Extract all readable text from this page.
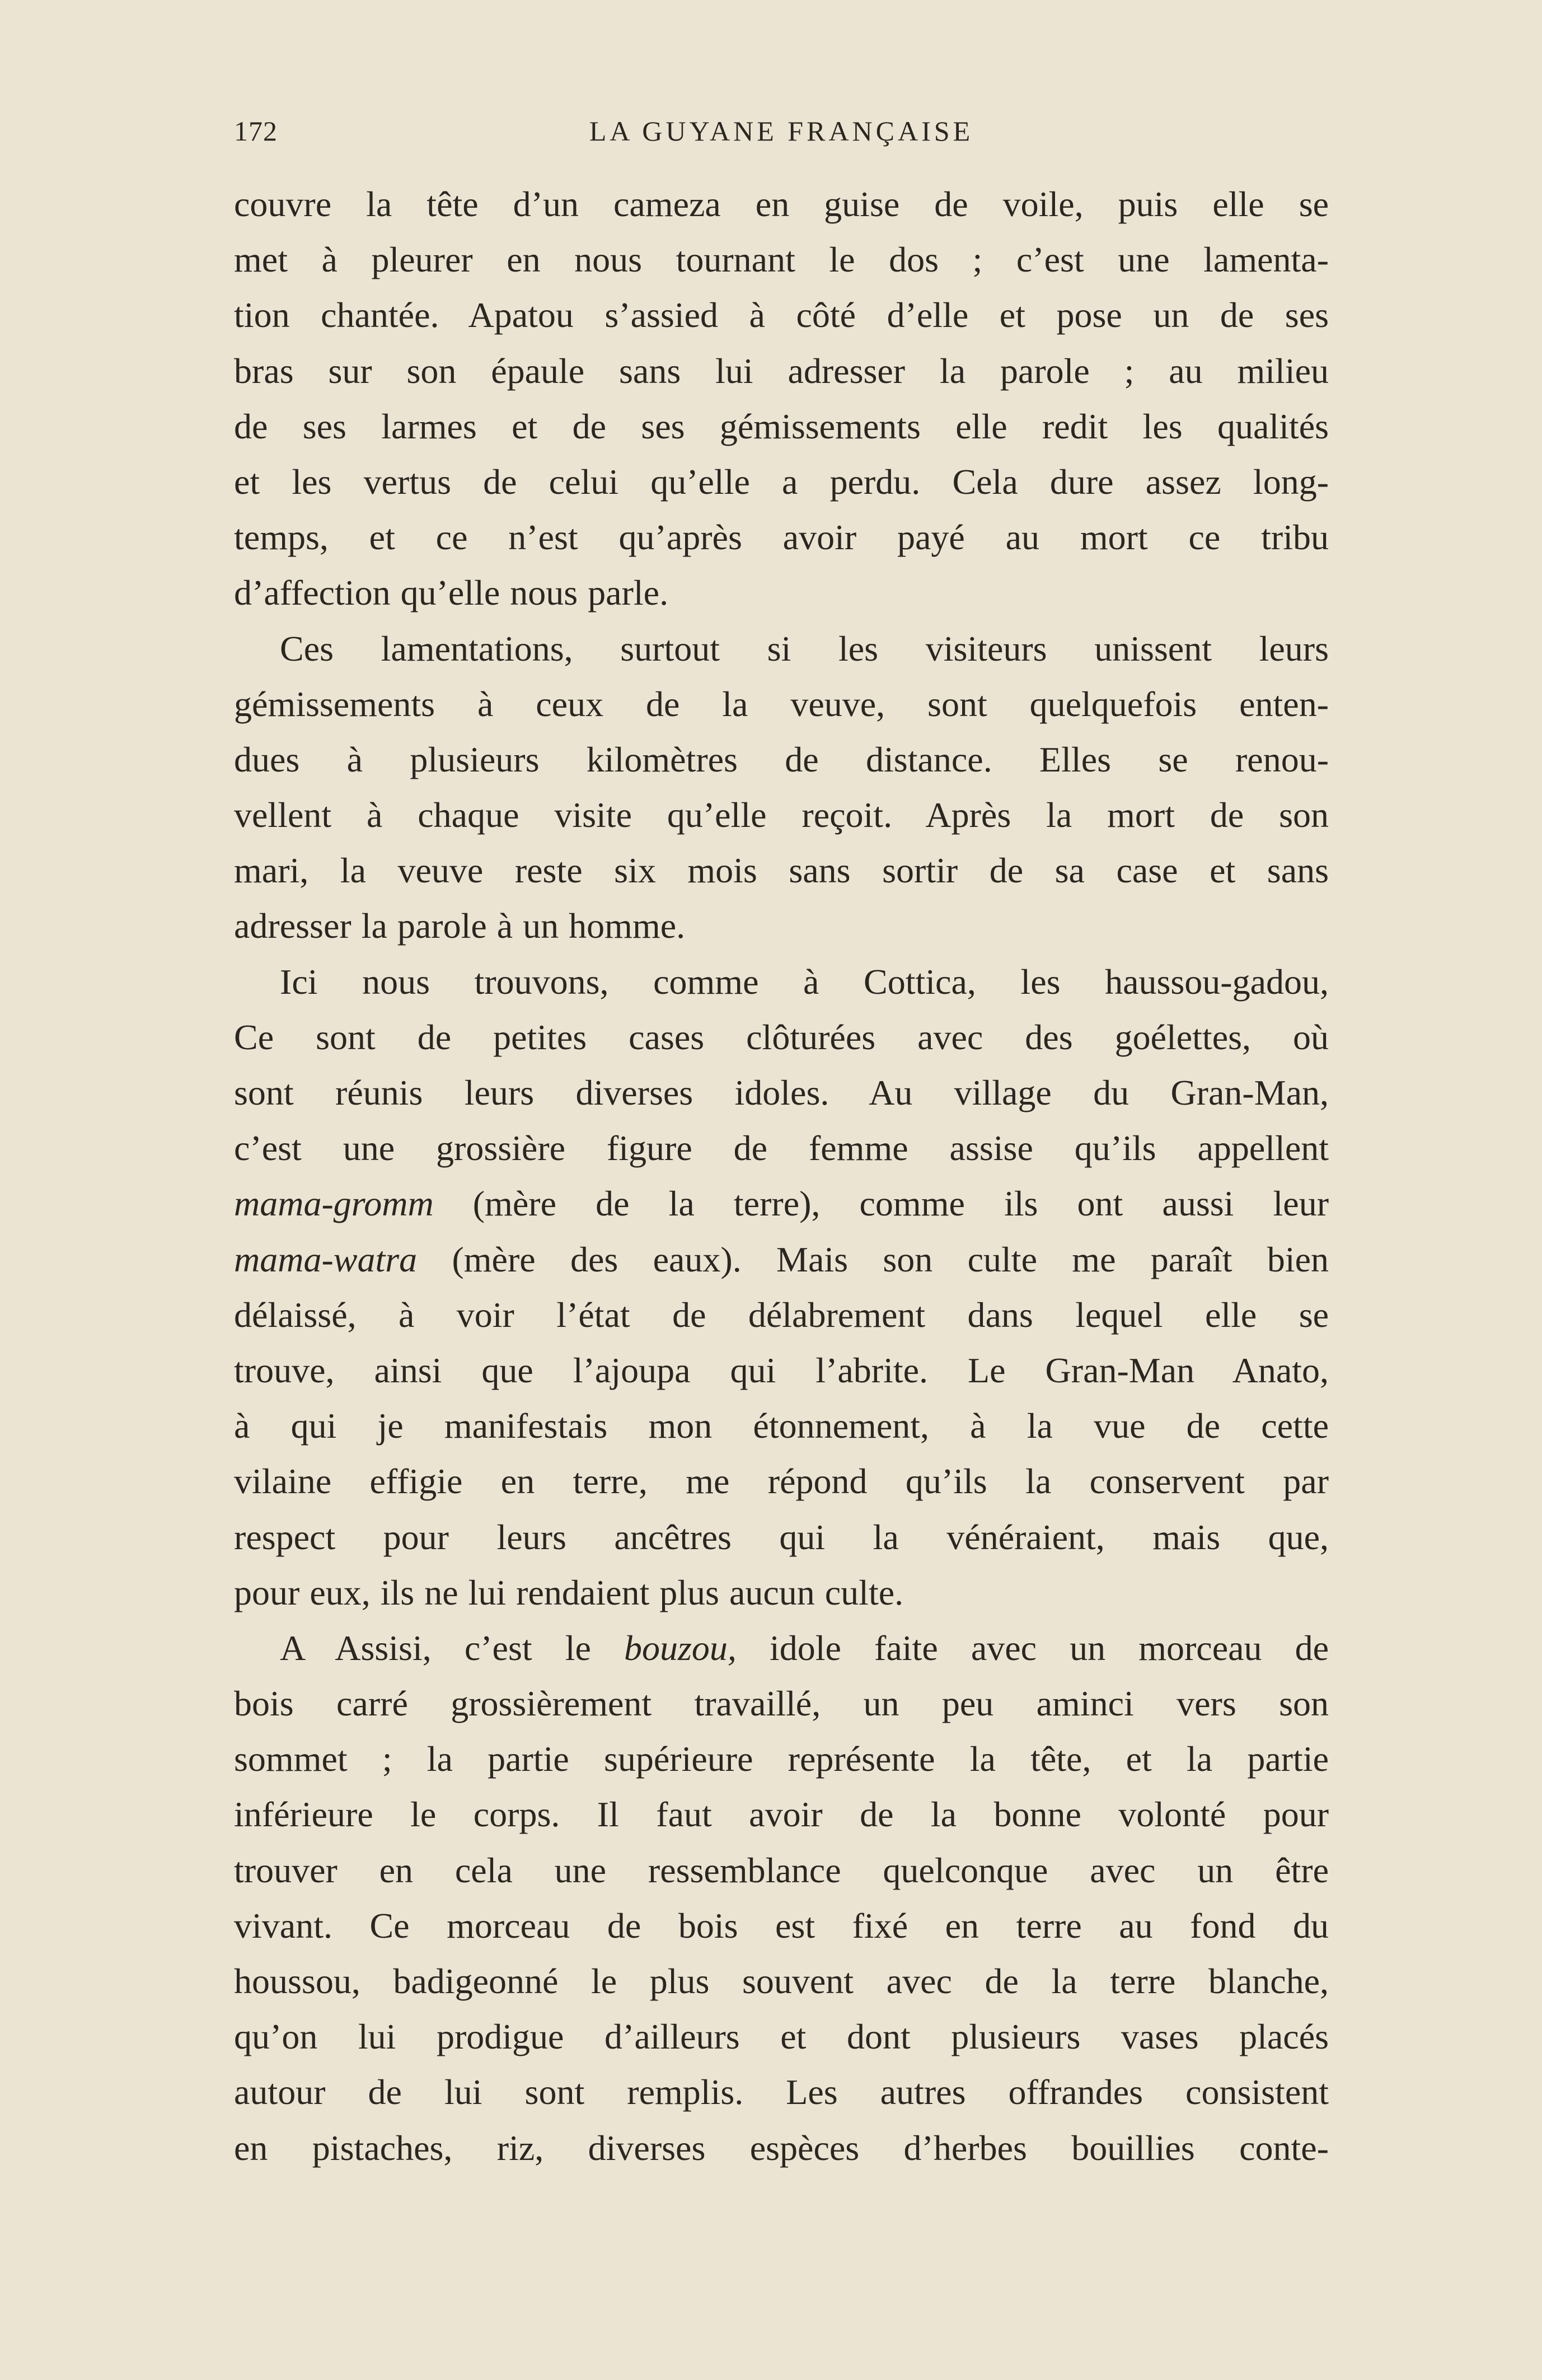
172	LA GUYANE FRANÇAISE
couvre la tête d’un cameza en guise de voile, puis elle se
met à pleurer en nous tournant le dos ; c’est une lamenta-
tion chantée. Apatou s’assied à côté d’elle et pose un de ses
bras sur son épaule sans lui adresser la parole ; au milieu
de ses larmes et de ses gémissements elle redit les qualités
et les vertus de celui qu’elle a perdu. Cela dure assez long-
temps, et ce n’est qu’après avoir payé au mort ce tribu
d’affection qu’elle nous parle.
Ces lamentations, surtout si les visiteurs unissent leurs
gémissements à ceux de la veuve, sont quelquefois enten-
dues à plusieurs kilomètres de distance. Elles se renou-
vellent à chaque visite qu’elle reçoit. Après la mort de son
mari, la veuve reste six mois sans sortir de sa case et sans
adresser la parole à un homme.
Ici nous trouvons, comme à Cottica, les haussou-gadou,
Ce sont de petites cases clôturées avec des goélettes, où
sont réunis leurs diverses idoles. Au village du Gran-Man,
c’est une grossière figure de femme assise qu’ils appellent
mama-gromm (mère de la terre), comme ils ont aussi leur
mama-watra (mère des eaux). Mais son culte me paraît bien
délaissé, à voir l’état de délabrement dans lequel elle se
trouve, ainsi que l’ajoupa qui l’abrite. Le Gran-Man Anato,
à qui je manifestais mon étonnement, à la vue de cette
vilaine effigie en terre, me répond qu’ils la conservent par
respect pour leurs ancêtres qui la vénéraient, mais que,
pour eux, ils ne lui rendaient plus aucun culte.
A Assisi, c’est le bouzou, idole faite avec un morceau de
bois carré grossièrement travaillé, un peu aminci vers son
sommet ; la partie supérieure représente la tête, et la partie
inférieure le corps. Il faut avoir de la bonne volonté pour
trouver en cela une ressemblance quelconque avec un être
vivant. Ce morceau de bois est fixé en terre au fond du
houssou, badigeonné le plus souvent avec de la terre blanche,
qu’on lui prodigue d’ailleurs et dont plusieurs vases placés
autour de lui sont remplis. Les autres offrandes consistent
en pistaches, riz, diverses espèces d’herbes bouillies conte-
